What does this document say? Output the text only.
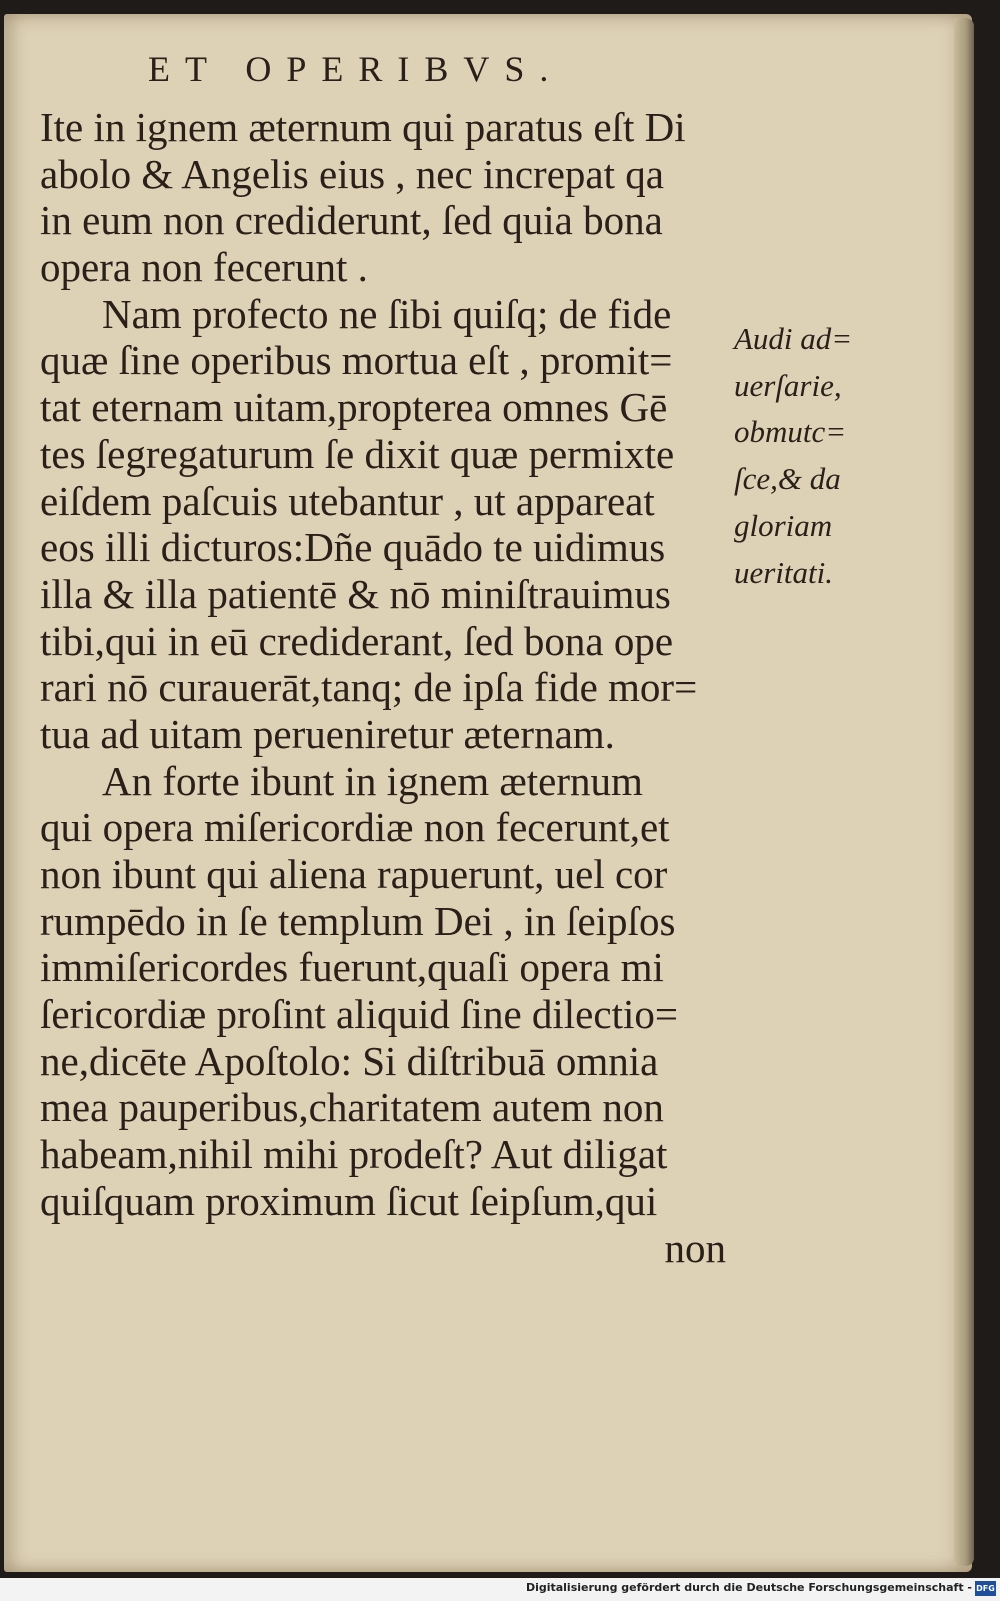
ET OPERIBVS.
Ite in ignem æternum qui paratus eſt Di
abolo & Angelis eius , nec increpat qa
in eum non crediderunt, ſed quia bona
opera non fecerunt .
Nam profecto ne ſibi quiſq; de fide
quæ ſine operibus mortua eſt , promit=
tat eternam uitam,propterea omnes Gē
tes ſegregaturum ſe dixit quæ permixte
eiſdem paſcuis utebantur , ut appareat
eos illi dicturos:Dñe quādo te uidimus
illa & illa patientē & nō miniſtrauimus
tibi,qui in eū crediderant, ſed bona ope
rari nō curauerāt,tanq; de ipſa fide mor=
tua ad uitam perueniretur æternam.
An forte ibunt in ignem æternum
qui opera miſericordiæ non fecerunt,et
non ibunt qui aliena rapuerunt, uel cor
rumpēdo in ſe templum Dei , in ſeipſos
immiſericordes fuerunt,quaſi opera mi
ſericordiæ proſint aliquid ſine dilectio=
ne,dicēte Apoſtolo: Si diſtribuā omnia
mea pauperibus,charitatem autem non
habeam,nihil mihi prodeſt? Aut diligat
quiſquam proximum ſicut ſeipſum,qui
non
Audi ad=
uerſarie,
obmutc=
ſce,& da
gloriam
ueritati.
Digitalisierung gefördert durch die Deutsche Forschungsgemeinschaft - DFG
